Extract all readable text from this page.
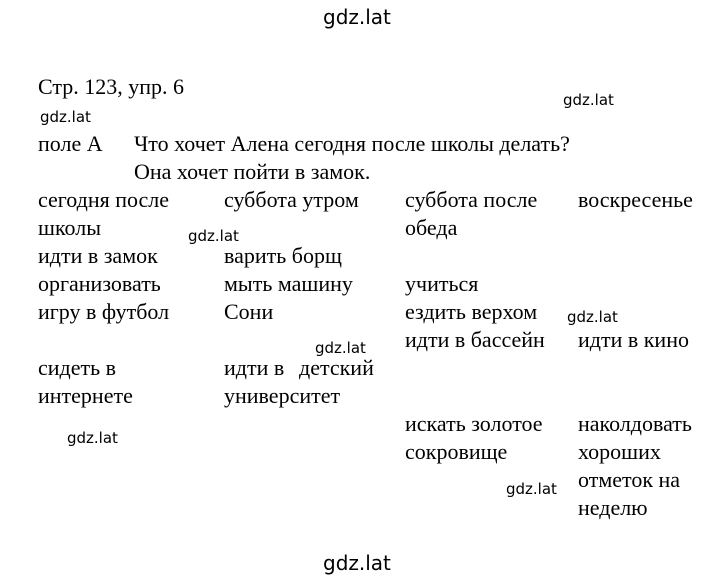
gdz.lat
gdz.lat
gdz.lat
gdz.lat
gdz.lat
gdz.lat
gdz.lat
gdz.lat
gdz.lat
Стр. 123, упр. 6
поле А Что хочет Алена сегодня после школы делать?
Она хочет пойти в замок.
сегодня после
школы
идти в замок
организовать
игру в футбол
сидеть в
интернете
суббота утром
варить борщ
мыть машину
Сони
идти в детский
университет
суббота после
обеда
учиться
ездить верхом
идти в бассейн
искать золотое
сокровище
воскресенье
идти в кино
наколдовать
хороших
отметок на
неделю
